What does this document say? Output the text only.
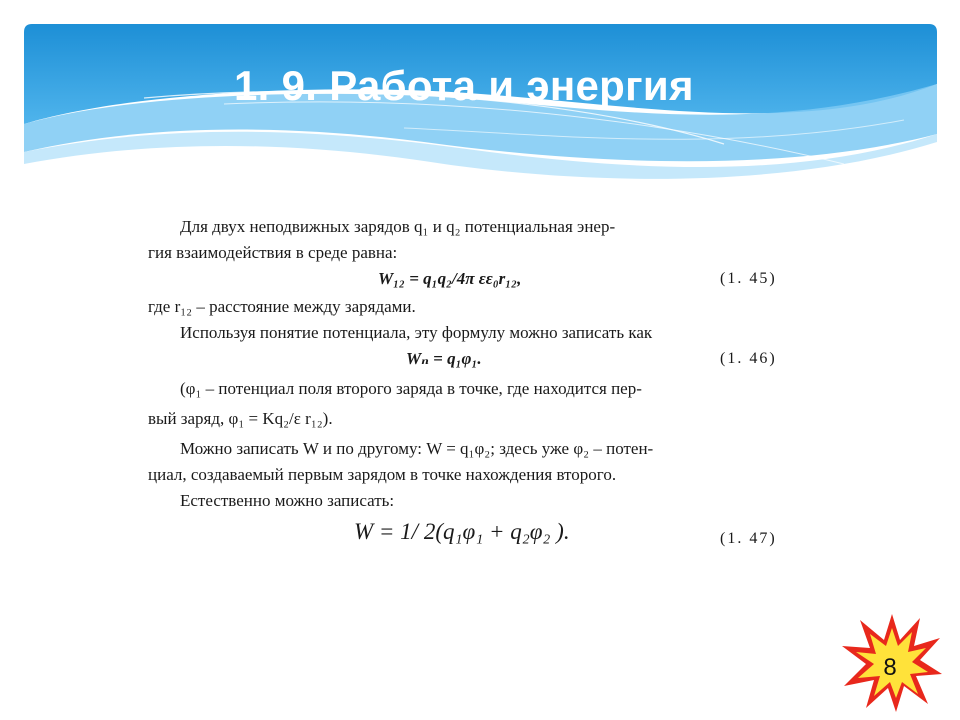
1. 9. Работа и энергия
Для двух неподвижных зарядов q₁ и q₂ потенциальная энер-
гия взаимодействия в среде равна:
W₁₂ = q₁q₂/4π εε₀r₁₂,	(1. 45)
где r₁₂ – расстояние между зарядами.
Используя понятие потенциала, эту формулу можно записать как
Wₙ = q₁φ₁.	(1. 46)
(φ₁ – потенциал поля второго заряда в точке, где находится пер-
вый заряд, φ₁ = Kq₂/ε r₁₂).
Можно записать W и по другому: W = q₁φ₂; здесь уже φ₂ – потен-
циал, создаваемый первым зарядом в точке нахождения второго.
Естественно можно записать:
W = 1/ 2(q₁φ₁ + q₂φ₂ ).	(1. 47)
8
